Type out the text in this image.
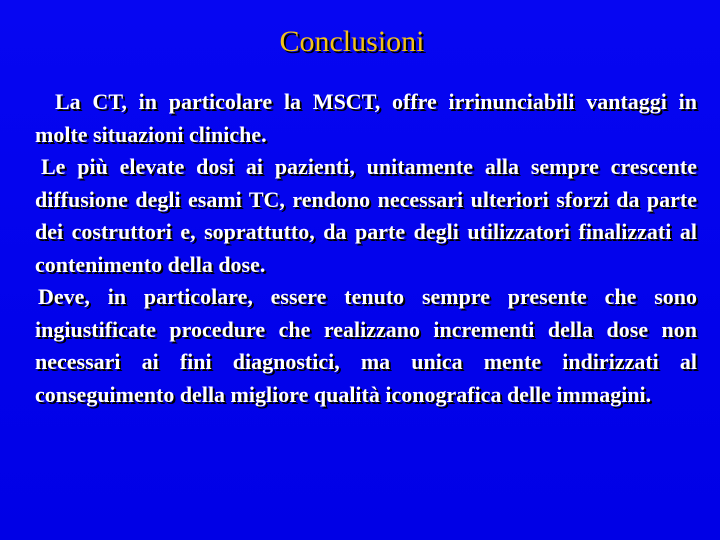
Conclusioni

La CT, in particolare la MSCT, offre irrinunciabili vantaggi in molte situazioni cliniche.

Le più elevate dosi ai pazienti, unitamente alla sempre crescente diffusione degli esami TC, rendono necessari ulteriori sforzi da parte dei costruttori e, soprattutto, da parte degli utilizzatori finalizzati al contenimento della dose.

Deve, in particolare, essere tenuto sempre presente che sono ingiustificate procedure che realizzano incrementi della dose non necessari ai fini diagnostici, ma unica mente indirizzati al conseguimento della migliore qualità iconografica delle immagini.
